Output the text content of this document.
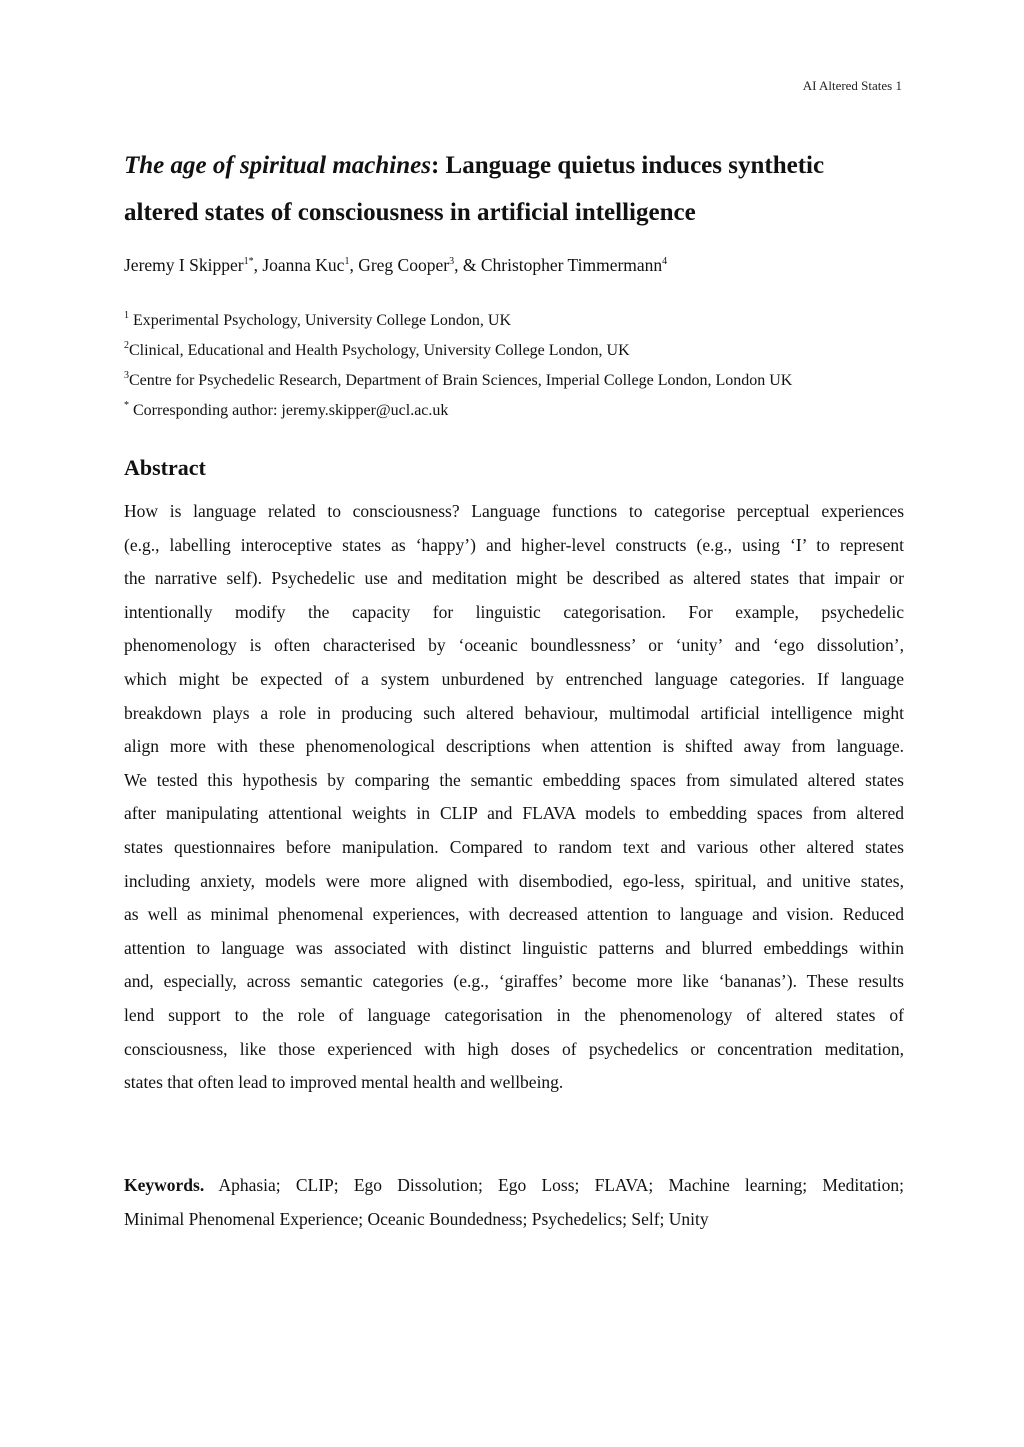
AI Altered States 1
The age of spiritual machines: Language quietus induces synthetic
altered states of consciousness in artificial intelligence
Jeremy I Skipper$^{1*}$, Joanna Kuc$^1$, Greg Cooper$^3$, & Christopher Timmermann$^4$
$^1$ Experimental Psychology, University College London, UK
$^2$Clinical, Educational and Health Psychology, University College London, UK
$^3$Centre for Psychedelic Research, Department of Brain Sciences, Imperial College London, London UK
* Corresponding author: jeremy.skipper@ucl.ac.uk
Abstract
How is language related to consciousness? Language functions to categorise perceptual experiences
(e.g., labelling interoceptive states as ‘happy’) and higher-level constructs (e.g., using ‘I’ to represent
the narrative self). Psychedelic use and meditation might be described as altered states that impair or
intentionally modify the capacity for linguistic categorisation. For example, psychedelic
phenomenology is often characterised by ‘oceanic boundlessness’ or ‘unity’ and ‘ego dissolution’,
which might be expected of a system unburdened by entrenched language categories. If language
breakdown plays a role in producing such altered behaviour, multimodal artificial intelligence might
align more with these phenomenological descriptions when attention is shifted away from language.
We tested this hypothesis by comparing the semantic embedding spaces from simulated altered states
after manipulating attentional weights in CLIP and FLAVA models to embedding spaces from altered
states questionnaires before manipulation. Compared to random text and various other altered states
including anxiety, models were more aligned with disembodied, ego-less, spiritual, and unitive states,
as well as minimal phenomenal experiences, with decreased attention to language and vision. Reduced
attention to language was associated with distinct linguistic patterns and blurred embeddings within
and, especially, across semantic categories (e.g., ‘giraffes’ become more like ‘bananas’). These results
lend support to the role of language categorisation in the phenomenology of altered states of
consciousness, like those experienced with high doses of psychedelics or concentration meditation,
states that often lead to improved mental health and wellbeing.
Keywords. Aphasia; CLIP; Ego Dissolution; Ego Loss; FLAVA; Machine learning; Meditation;
Minimal Phenomenal Experience; Oceanic Boundedness; Psychedelics; Self; Unity
